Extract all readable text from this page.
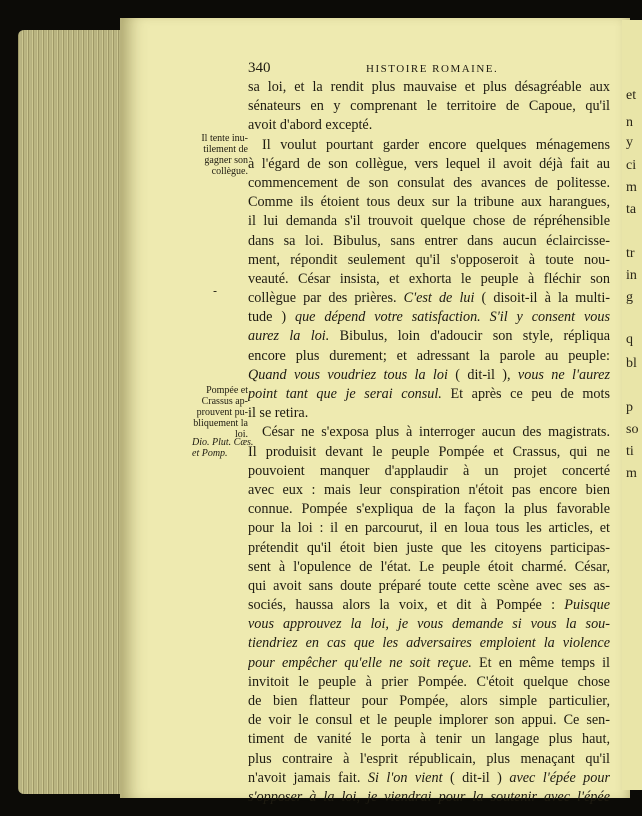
et
n
y
ci
m
ta
tr
in
g
q
bl
p
so
ti
m
340	HISTOIRE ROMAINE.
Il tente inu- tilement de gagner son collègue.
Pompée et Crassus ap- prouvent pu- bliquement la loi.
Dio. Plut. Cæs. et Pomp.
-
sa loi, et la rendit plus mauvaise et plus désagréable aux
sénateurs en y comprenant le territoire de Capoue, qu'il
avoit d'abord excepté.
Il voulut pourtant garder encore quelques ménagemens
à l'égard de son collègue, vers lequel il avoit déjà fait au
commencement de son consulat des avances de politesse.
Comme ils étoient tous deux sur la tribune aux harangues,
il lui demanda s'il trouvoit quelque chose de répréhensible
dans sa loi. Bibulus, sans entrer dans aucun éclaircisse-
ment, répondit seulement qu'il s'opposeroit à toute nou-
veauté. César insista, et exhorta le peuple à fléchir son
collègue par des prières. C'est de lui ( disoit-il à la multi-
tude ) que dépend votre satisfaction. S'il y consent vous
aurez la loi. Bibulus, loin d'adoucir son style, répliqua
encore plus durement; et adressant la parole au peuple:
Quand vous voudriez tous la loi ( dit-il ), vous ne l'aurez
point tant que je serai consul. Et après ce peu de mots
il se retira.
César ne s'exposa plus à interroger aucun des magistrats.
Il produisit devant le peuple Pompée et Crassus, qui ne
pouvoient manquer d'applaudir à un projet concerté
avec eux : mais leur conspiration n'étoit pas encore bien
connue. Pompée s'expliqua de la façon la plus favorable
pour la loi : il en parcourut, il en loua tous les articles, et
prétendit qu'il étoit bien juste que les citoyens participas-
sent à l'opulence de l'état. Le peuple étoit charmé. César,
qui avoit sans doute préparé toute cette scène avec ses as-
sociés, haussa alors la voix, et dit à Pompée : Puisque
vous approuvez la loi, je vous demande si vous la sou-
tiendriez en cas que les adversaires emploient la violence
pour empêcher qu'elle ne soit reçue. Et en même temps il
invitoit le peuple à prier Pompée. C'étoit quelque chose
de bien flatteur pour Pompée, alors simple particulier,
de voir le consul et le peuple implorer son appui. Ce sen-
timent de vanité le porta à tenir un langage plus haut,
plus contraire à l'esprit républicain, plus menaçant qu'il
n'avoit jamais fait. Si l'on vient ( dit-il ) avec l'épée pour
s'opposer à la loi, je viendrai pour la soutenir avec l'épée
